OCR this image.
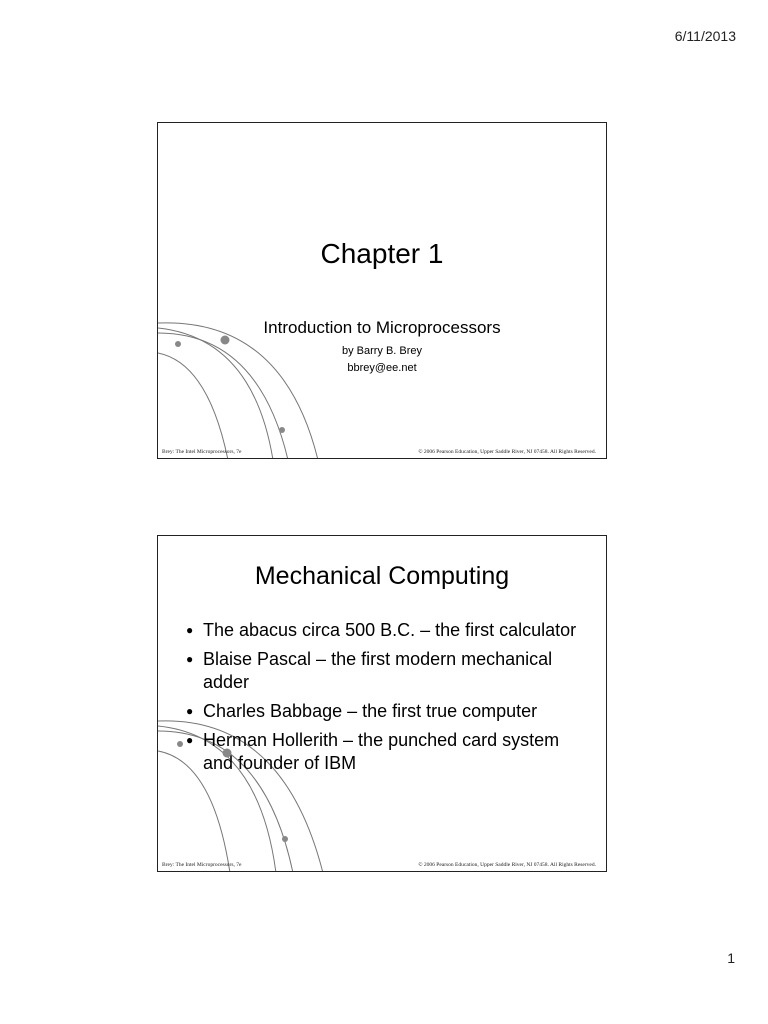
6/11/2013
Chapter 1
Introduction to Microprocessors
by Barry B. Brey
bbrey@ee.net
Brey: The Intel Microprocessors, 7e	© 2006 Pearson Education, Upper Saddle River, NJ 07458. All Rights Reserved.
Mechanical Computing
● The abacus circa 500 B.C. – the first calculator
● Blaise Pascal – the first modern mechanical adder
● Charles Babbage – the first true computer
● Herman Hollerith – the punched card system and founder of IBM
Brey: The Intel Microprocessors, 7e	© 2006 Pearson Education, Upper Saddle River, NJ 07458. All Rights Reserved.
1
